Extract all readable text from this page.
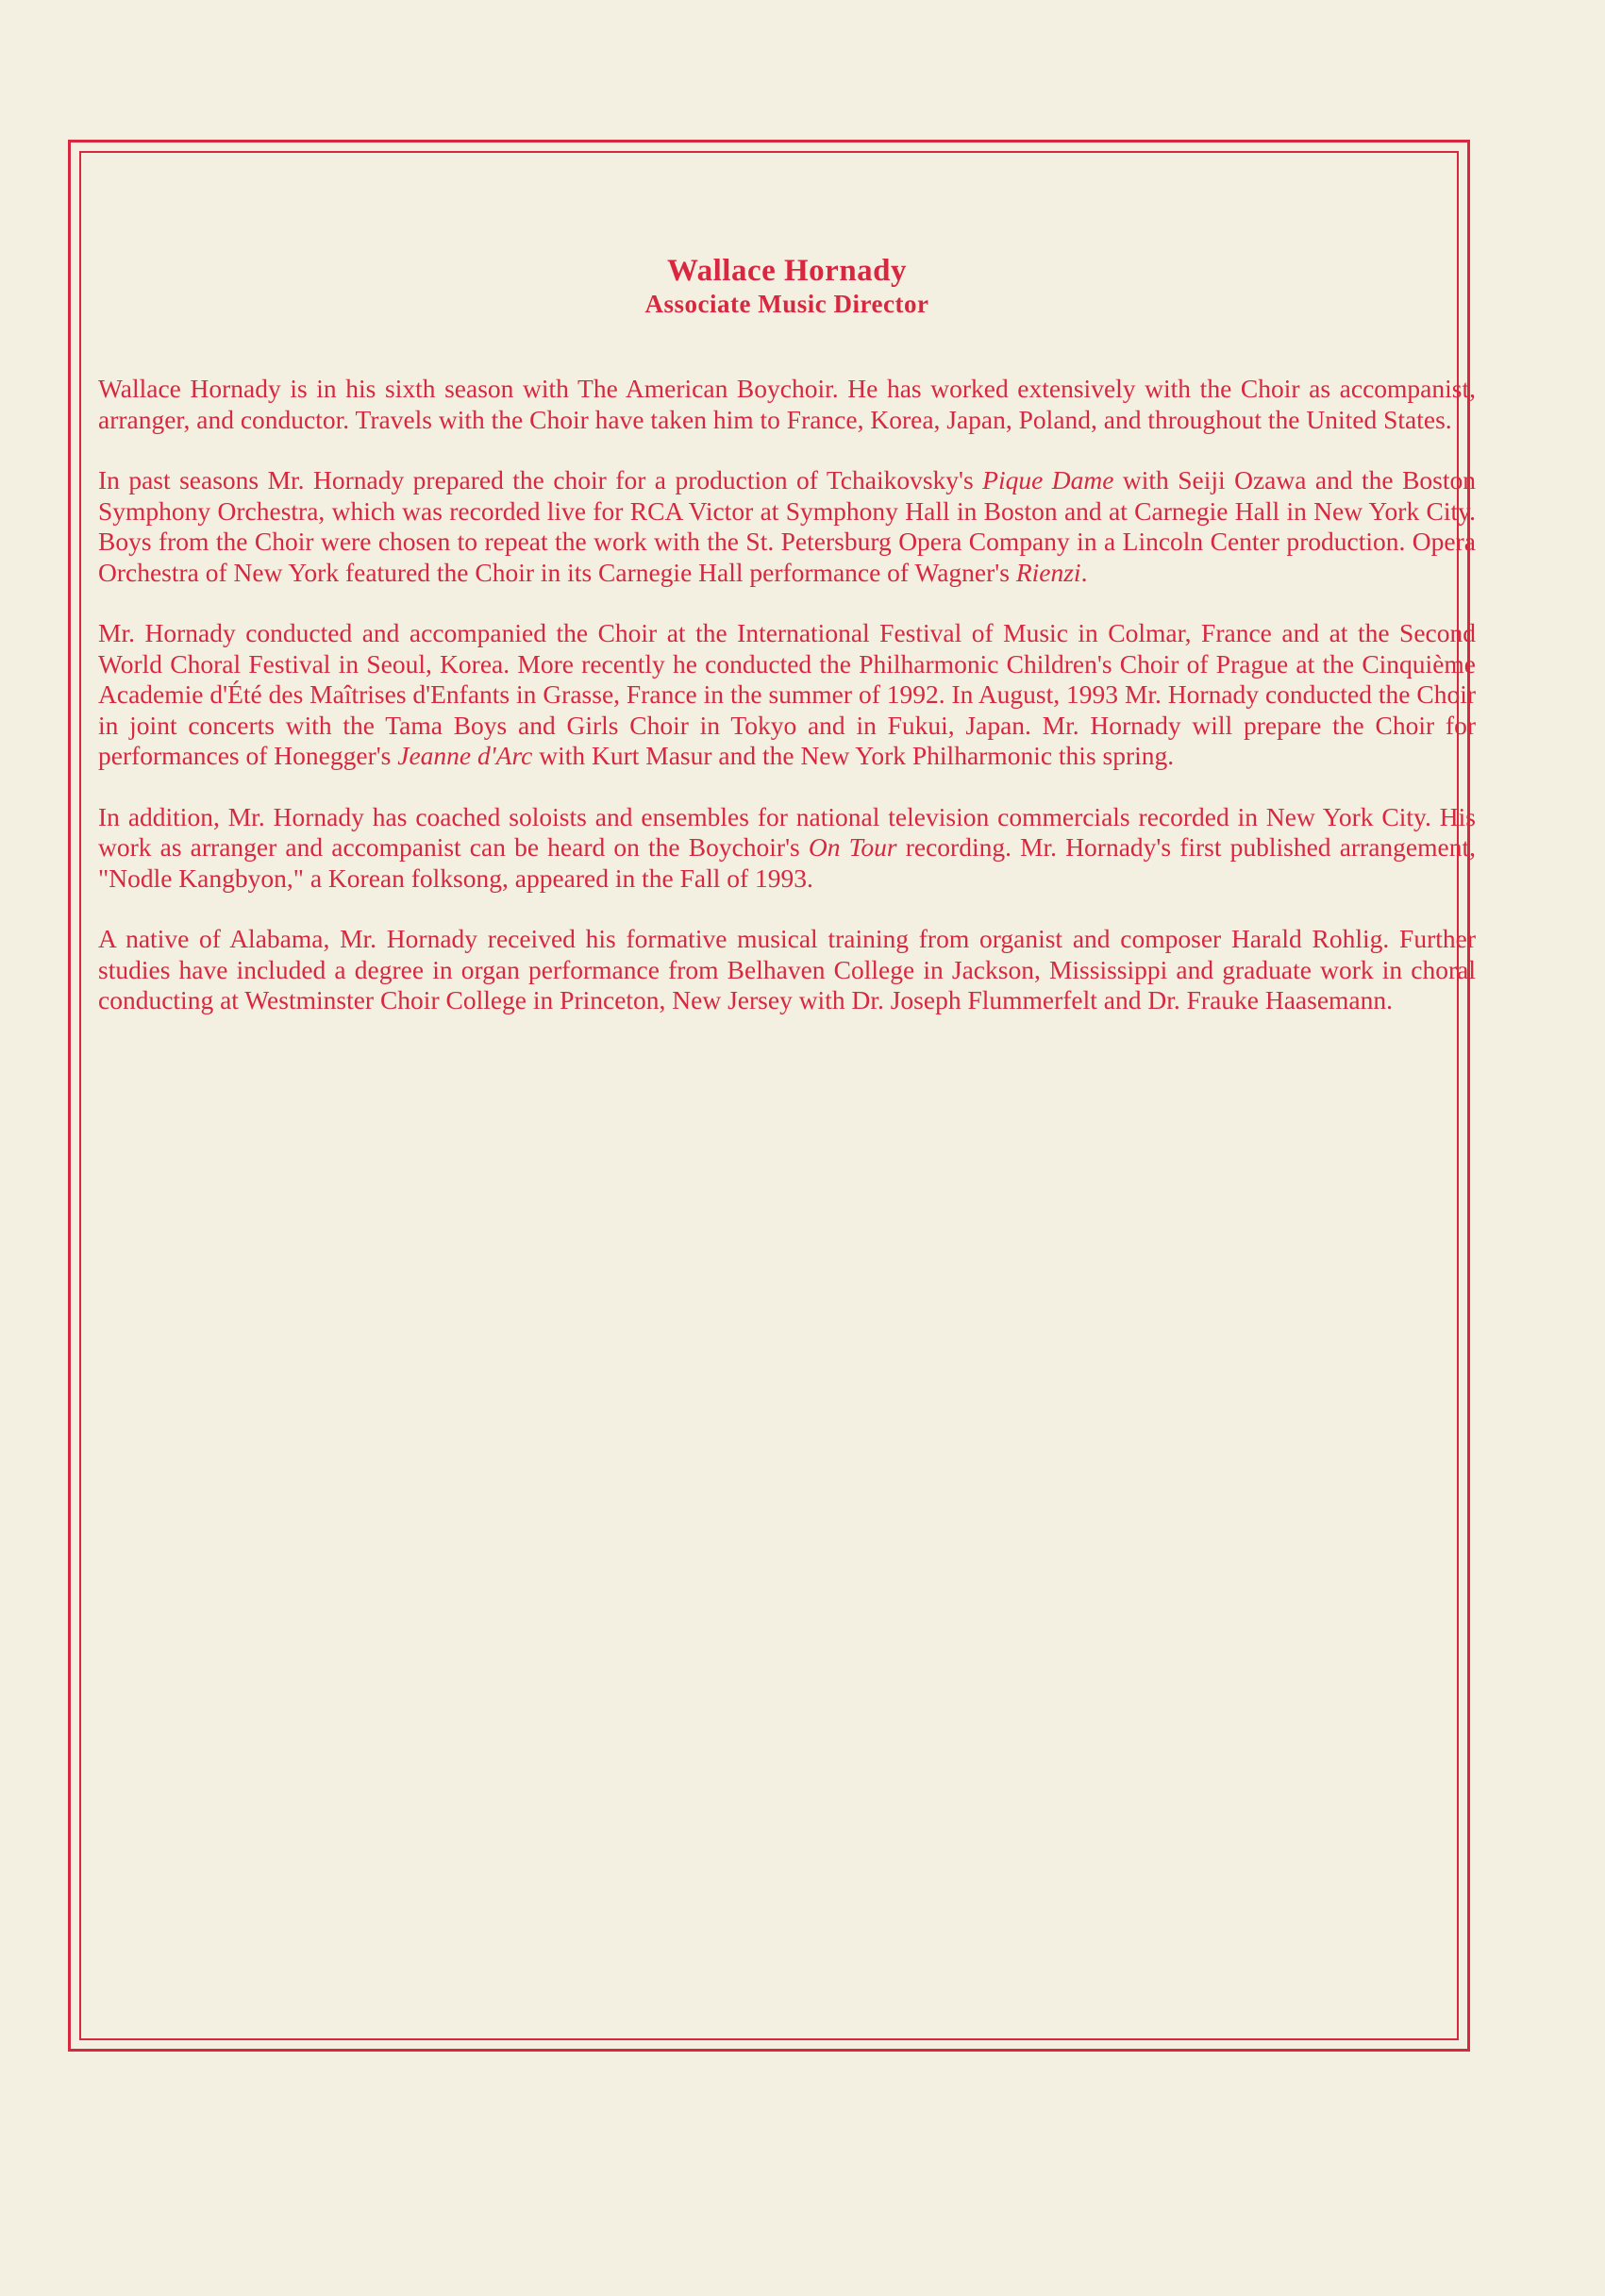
Wallace Hornady
Associate Music Director

Wallace Hornady is in his sixth season with The American Boychoir. He has worked extensively with the Choir as accompanist, arranger, and conductor. Travels with the Choir have taken him to France, Korea, Japan, Poland, and throughout the United States.

In past seasons Mr. Hornady prepared the choir for a production of Tchaikovsky's Pique Dame with Seiji Ozawa and the Boston Symphony Orchestra, which was recorded live for RCA Victor at Symphony Hall in Boston and at Carnegie Hall in New York City. Boys from the Choir were chosen to repeat the work with the St. Petersburg Opera Company in a Lincoln Center production. Opera Orchestra of New York featured the Choir in its Carnegie Hall performance of Wagner's Rienzi.

Mr. Hornady conducted and accompanied the Choir at the International Festival of Music in Colmar, France and at the Second World Choral Festival in Seoul, Korea. More recently he conducted the Philharmonic Children's Choir of Prague at the Cinquième Academie d'Été des Maîtrises d'Enfants in Grasse, France in the summer of 1992. In August, 1993 Mr. Hornady conducted the Choir in joint concerts with the Tama Boys and Girls Choir in Tokyo and in Fukui, Japan. Mr. Hornady will prepare the Choir for performances of Honegger's Jeanne d'Arc with Kurt Masur and the New York Philharmonic this spring.

In addition, Mr. Hornady has coached soloists and ensembles for national television commercials recorded in New York City. His work as arranger and accompanist can be heard on the Boychoir's On Tour recording. Mr. Hornady's first published arrangement, "Nodle Kangbyon," a Korean folksong, appeared in the Fall of 1993.

A native of Alabama, Mr. Hornady received his formative musical training from organist and composer Harald Rohlig. Further studies have included a degree in organ performance from Belhaven College in Jackson, Mississippi and graduate work in choral conducting at Westminster Choir College in Princeton, New Jersey with Dr. Joseph Flummerfelt and Dr. Frauke Haasemann.
